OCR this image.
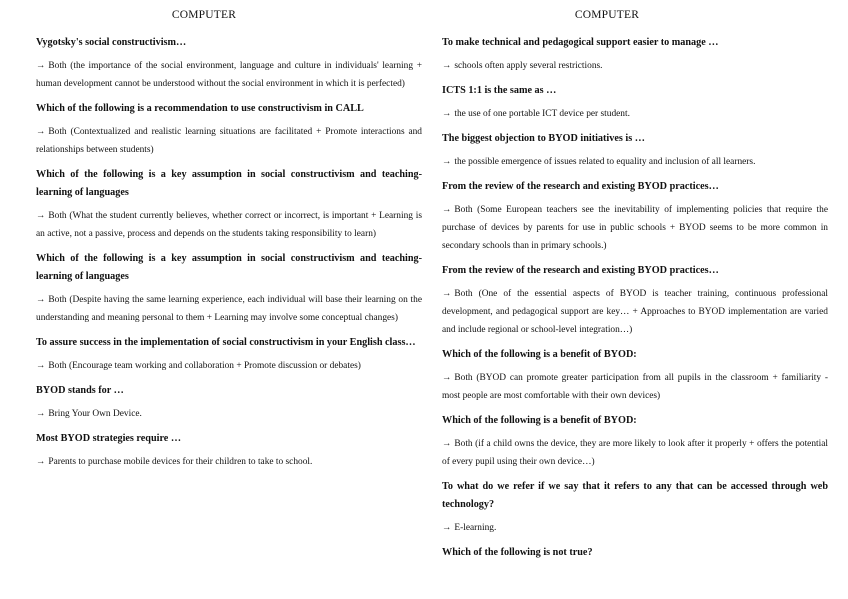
COMPUTER
Vygotsky's social constructivism…
→ Both (the importance of the social environment, language and culture in individuals' learning + human development cannot be understood without the social environment in which it is perfected)
Which of the following is a recommendation to use constructivism in CALL
→ Both (Contextualized and realistic learning situations are facilitated + Promote interactions and relationships between students)
Which of the following is a key assumption in social constructivism and teaching-learning of languages
→ Both (What the student currently believes, whether correct or incorrect, is important + Learning is an active, not a passive, process and depends on the students taking responsibility to learn)
Which of the following is a key assumption in social constructivism and teaching-learning of languages
→ Both (Despite having the same learning experience, each individual will base their learning on the understanding and meaning personal to them + Learning may involve some conceptual changes)
To assure success in the implementation of social constructivism in your English class…
→ Both (Encourage team working and collaboration + Promote discussion or debates)
BYOD stands for …
→ Bring Your Own Device.
Most BYOD strategies require …
→ Parents to purchase mobile devices for their children to take to school.
COMPUTER
To make technical and pedagogical support easier to manage …
→ schools often apply several restrictions.
ICTS 1:1 is the same as …
→ the use of one portable ICT device per student.
The biggest objection to BYOD initiatives is …
→ the possible emergence of issues related to equality and inclusion of all learners.
From the review of the research and existing BYOD practices…
→ Both (Some European teachers see the inevitability of implementing policies that require the purchase of devices by parents for use in public schools + BYOD seems to be more common in secondary schools than in primary schools.)
From the review of the research and existing BYOD practices…
→ Both (One of the essential aspects of BYOD is teacher training, continuous professional development, and pedagogical support are key… + Approaches to BYOD implementation are varied and include regional or school-level integration…)
Which of the following is a benefit of BYOD:
→ Both (BYOD can promote greater participation from all pupils in the classroom + familiarity - most people are most comfortable with their own devices)
Which of the following is a benefit of BYOD:
→ Both (if a child owns the device, they are more likely to look after it properly + offers the potential of every pupil using their own device…)
To what do we refer if we say that it refers to any that can be accessed through web technology?
→ E-learning.
Which of the following is not true?
